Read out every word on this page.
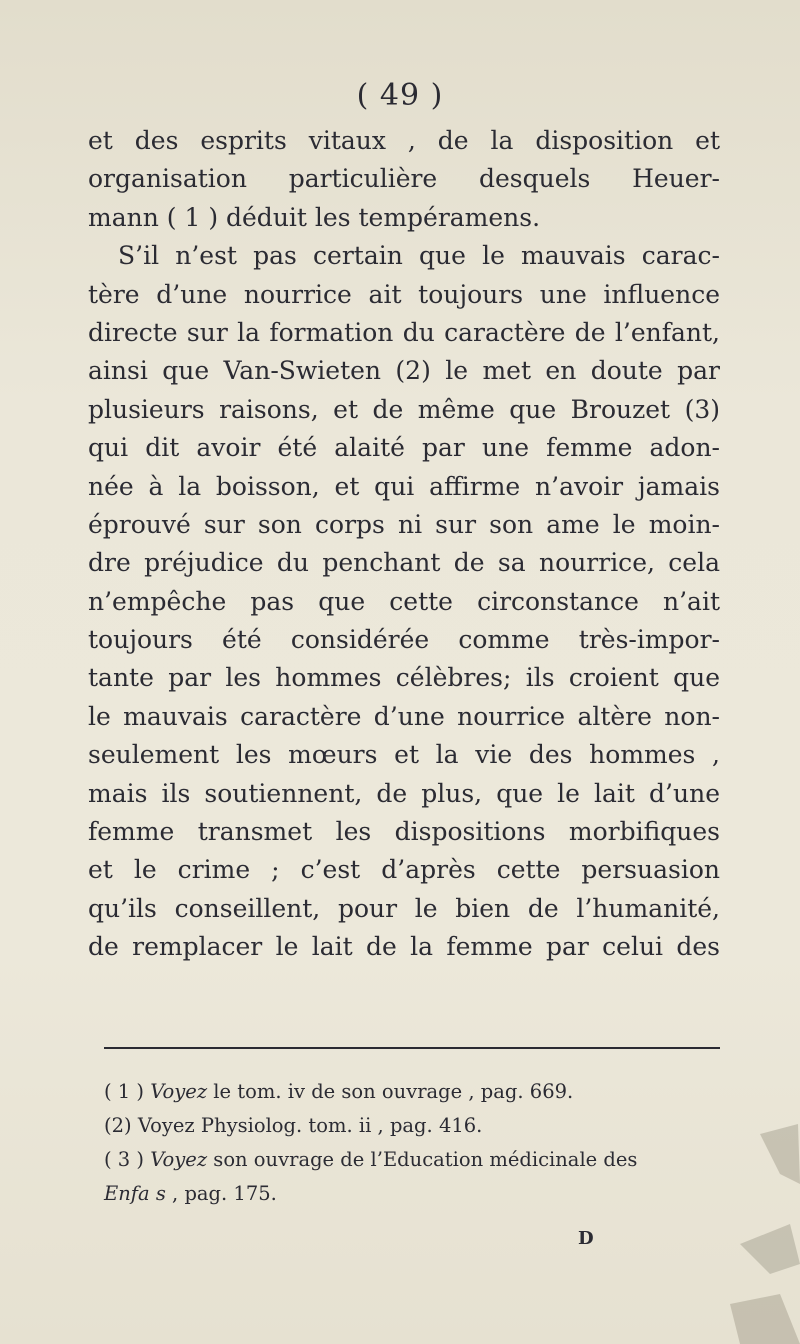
( 49 )
et des esprits vitaux , de la disposition et
organisation particulière desquels Heuer-
mann ( 1 ) déduit les tempéramens.
S’il n’est pas certain que le mauvais carac-
tère d’une nourrice ait toujours une influence
directe sur la formation du caractère de l’enfant,
ainsi que Van-Swieten (2) le met en doute par
plusieurs raisons, et de même que Brouzet (3)
qui dit avoir été alaité par une femme adon-
née à la boisson, et qui affirme n’avoir jamais
éprouvé sur son corps ni sur son ame le moin-
dre préjudice du penchant de sa nourrice, cela
n’empêche pas que cette circonstance n’ait
toujours été considérée comme très-impor-
tante par les hommes célèbres; ils croient que
le mauvais caractère d’une nourrice altère non-
seulement les mœurs et la vie des hommes ,
mais ils soutiennent, de plus, que le lait d’une
femme transmet les dispositions morbifiques
et le crime ; c’est d’après cette persuasion
qu’ils conseillent, pour le bien de l’humanité,
de remplacer le lait de la femme par celui des
( 1 ) Voyez le tom. iv de son ouvrage , pag. 669.
(2) Voyez Physiolog. tom. ii , pag. 416.
( 3 ) Voyez son ouvrage de l’Education médicinale des
Enfa s , pag. 175.
D
